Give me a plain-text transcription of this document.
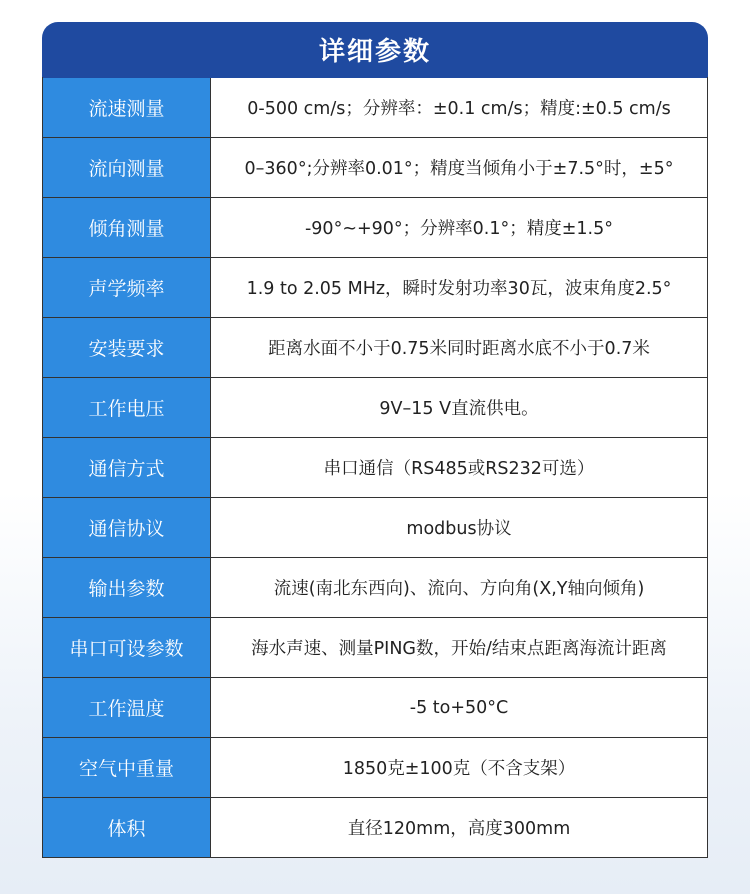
详细参数
流速测量	0-500 cm/s；分辨率：±0.1 cm/s；精度:±0.5 cm/s
流向测量	0–360°;分辨率0.01°；精度当倾角小于±7.5°时，±5°
倾角测量	-90°~+90°；分辨率0.1°；精度±1.5°
声学频率	1.9 to 2.05 MHz，瞬时发射功率30瓦，波束角度2.5°
安装要求	距离水面不小于0.75米同时距离水底不小于0.7米
工作电压	9V–15 V直流供电。
通信方式	串口通信（RS485或RS232可选）
通信协议	modbus协议
输出参数	流速(南北东西向)、流向、方向角(X,Y轴向倾角)
串口可设参数	海水声速、测量PING数，开始/结束点距离海流计距离
工作温度	-5 to+50°C
空气中重量	1850克±100克（不含支架）
体积	直径120mm，高度300mm
